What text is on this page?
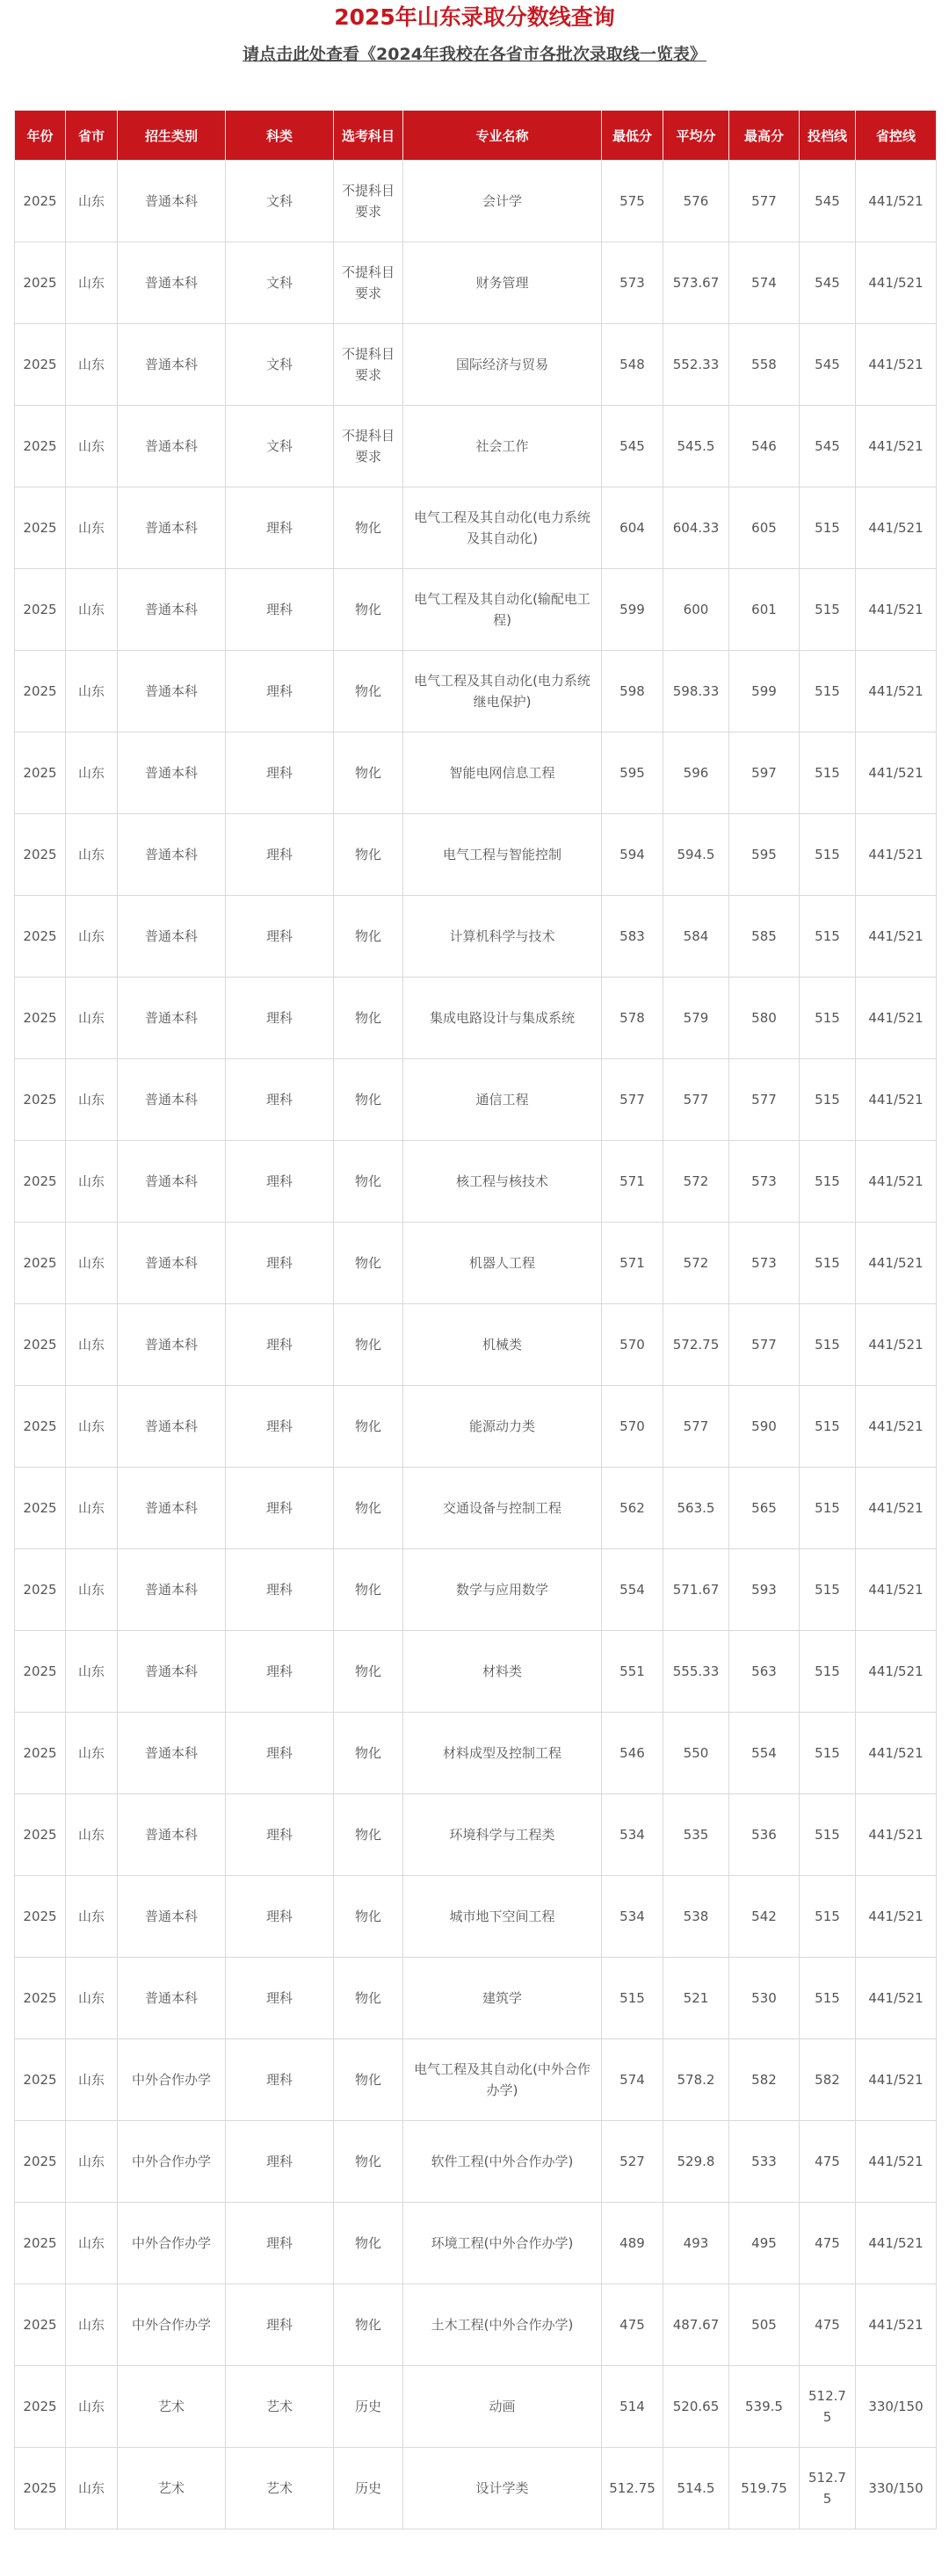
2025年山东录取分数线查询
请点击此处查看《2024年我校在各省市各批次录取线一览表》
年份	省市	招生类别	科类	选考科目	专业名称	最低分	平均分	最高分	投档线	省控线
2025	山东	普通本科	文科	不提科目要求	会计学	575	576	577	545	441/521
2025	山东	普通本科	文科	不提科目要求	财务管理	573	573.67	574	545	441/521
2025	山东	普通本科	文科	不提科目要求	国际经济与贸易	548	552.33	558	545	441/521
2025	山东	普通本科	文科	不提科目要求	社会工作	545	545.5	546	545	441/521
2025	山东	普通本科	理科	物化	电气工程及其自动化(电力系统及其自动化)	604	604.33	605	515	441/521
2025	山东	普通本科	理科	物化	电气工程及其自动化(输配电工程)	599	600	601	515	441/521
2025	山东	普通本科	理科	物化	电气工程及其自动化(电力系统继电保护)	598	598.33	599	515	441/521
2025	山东	普通本科	理科	物化	智能电网信息工程	595	596	597	515	441/521
2025	山东	普通本科	理科	物化	电气工程与智能控制	594	594.5	595	515	441/521
2025	山东	普通本科	理科	物化	计算机科学与技术	583	584	585	515	441/521
2025	山东	普通本科	理科	物化	集成电路设计与集成系统	578	579	580	515	441/521
2025	山东	普通本科	理科	物化	通信工程	577	577	577	515	441/521
2025	山东	普通本科	理科	物化	核工程与核技术	571	572	573	515	441/521
2025	山东	普通本科	理科	物化	机器人工程	571	572	573	515	441/521
2025	山东	普通本科	理科	物化	机械类	570	572.75	577	515	441/521
2025	山东	普通本科	理科	物化	能源动力类	570	577	590	515	441/521
2025	山东	普通本科	理科	物化	交通设备与控制工程	562	563.5	565	515	441/521
2025	山东	普通本科	理科	物化	数学与应用数学	554	571.67	593	515	441/521
2025	山东	普通本科	理科	物化	材料类	551	555.33	563	515	441/521
2025	山东	普通本科	理科	物化	材料成型及控制工程	546	550	554	515	441/521
2025	山东	普通本科	理科	物化	环境科学与工程类	534	535	536	515	441/521
2025	山东	普通本科	理科	物化	城市地下空间工程	534	538	542	515	441/521
2025	山东	普通本科	理科	物化	建筑学	515	521	530	515	441/521
2025	山东	中外合作办学	理科	物化	电气工程及其自动化(中外合作办学)	574	578.2	582	582	441/521
2025	山东	中外合作办学	理科	物化	软件工程(中外合作办学)	527	529.8	533	475	441/521
2025	山东	中外合作办学	理科	物化	环境工程(中外合作办学)	489	493	495	475	441/521
2025	山东	中外合作办学	理科	物化	土木工程(中外合作办学)	475	487.67	505	475	441/521
2025	山东	艺术	艺术	历史	动画	514	520.65	539.5	512.75	330/150
2025	山东	艺术	艺术	历史	设计学类	512.75	514.5	519.75	512.75	330/150
